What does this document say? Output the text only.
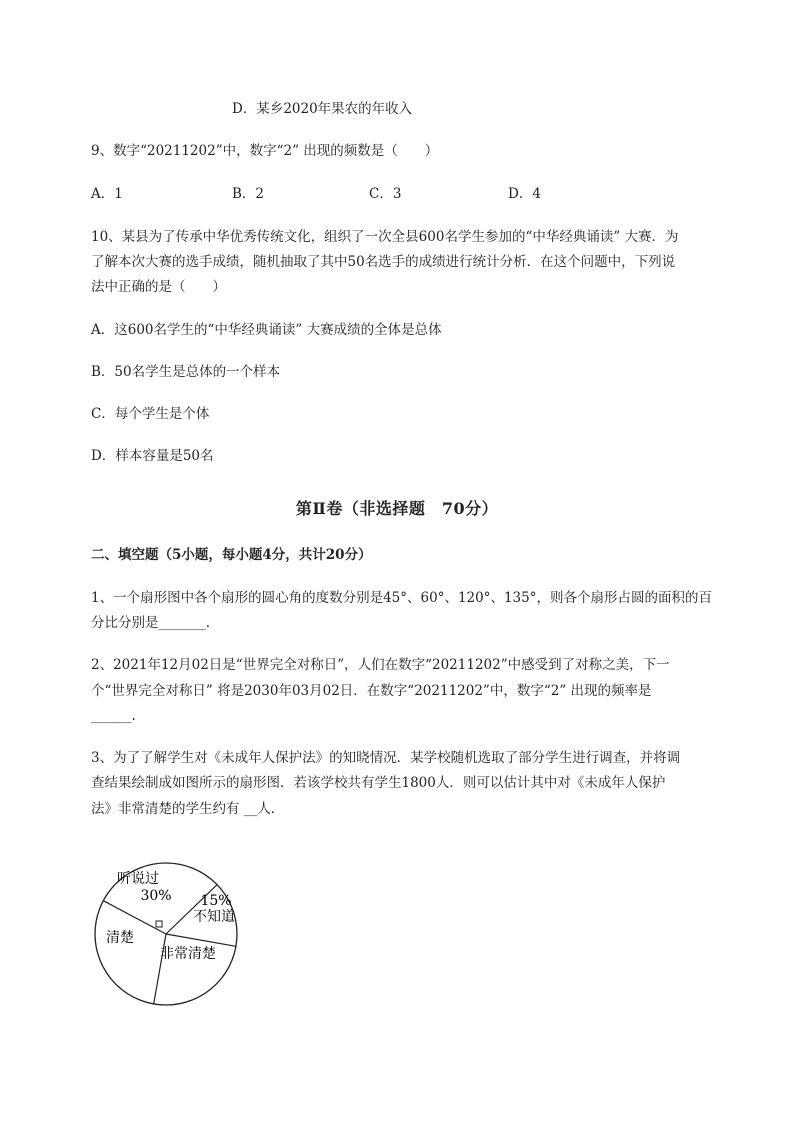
D．某乡2020年果农的年收入
9、数字“20211202”中，数字“2” 出现的频数是（　　）
A．1	B．2	C．3	D．4
10、某县为了传承中华优秀传统文化，组织了一次全县600名学生参加的“中华经典诵读” 大赛．为
了解本次大赛的选手成绩，随机抽取了其中50名选手的成绩进行统计分析．在这个问题中，下列说
法中正确的是（　　）
A．这600名学生的“中华经典诵读” 大赛成绩的全体是总体
B．50名学生是总体的一个样本
C．每个学生是个体
D．样本容量是50名
第Ⅱ卷（非选择题　70分）
二、填空题（5小题，每小题4分，共计20分）
1、一个扇形图中各个扇形的圆心角的度数分别是45°、60°、120°、135°，则各个扇形占圆的面积的百
分比分别是_______.
2、2021年12月02日是“世界完全对称日”，人们在数字“20211202”中感受到了对称之美，下一
个“世界完全对称日” 将是2030年03月02日．在数字“20211202”中，数字“2” 出现的频率是
______.
3、为了了解学生对《未成年人保护法》的知晓情况．某学校随机选取了部分学生进行调查，并将调
查结果绘制成如图所示的扇形图．若该学校共有学生1800人．则可以估计其中对《未成年人保护
法》非常清楚的学生约有 __人．
听说过
30% 15%
不知道
非常清楚
清楚
